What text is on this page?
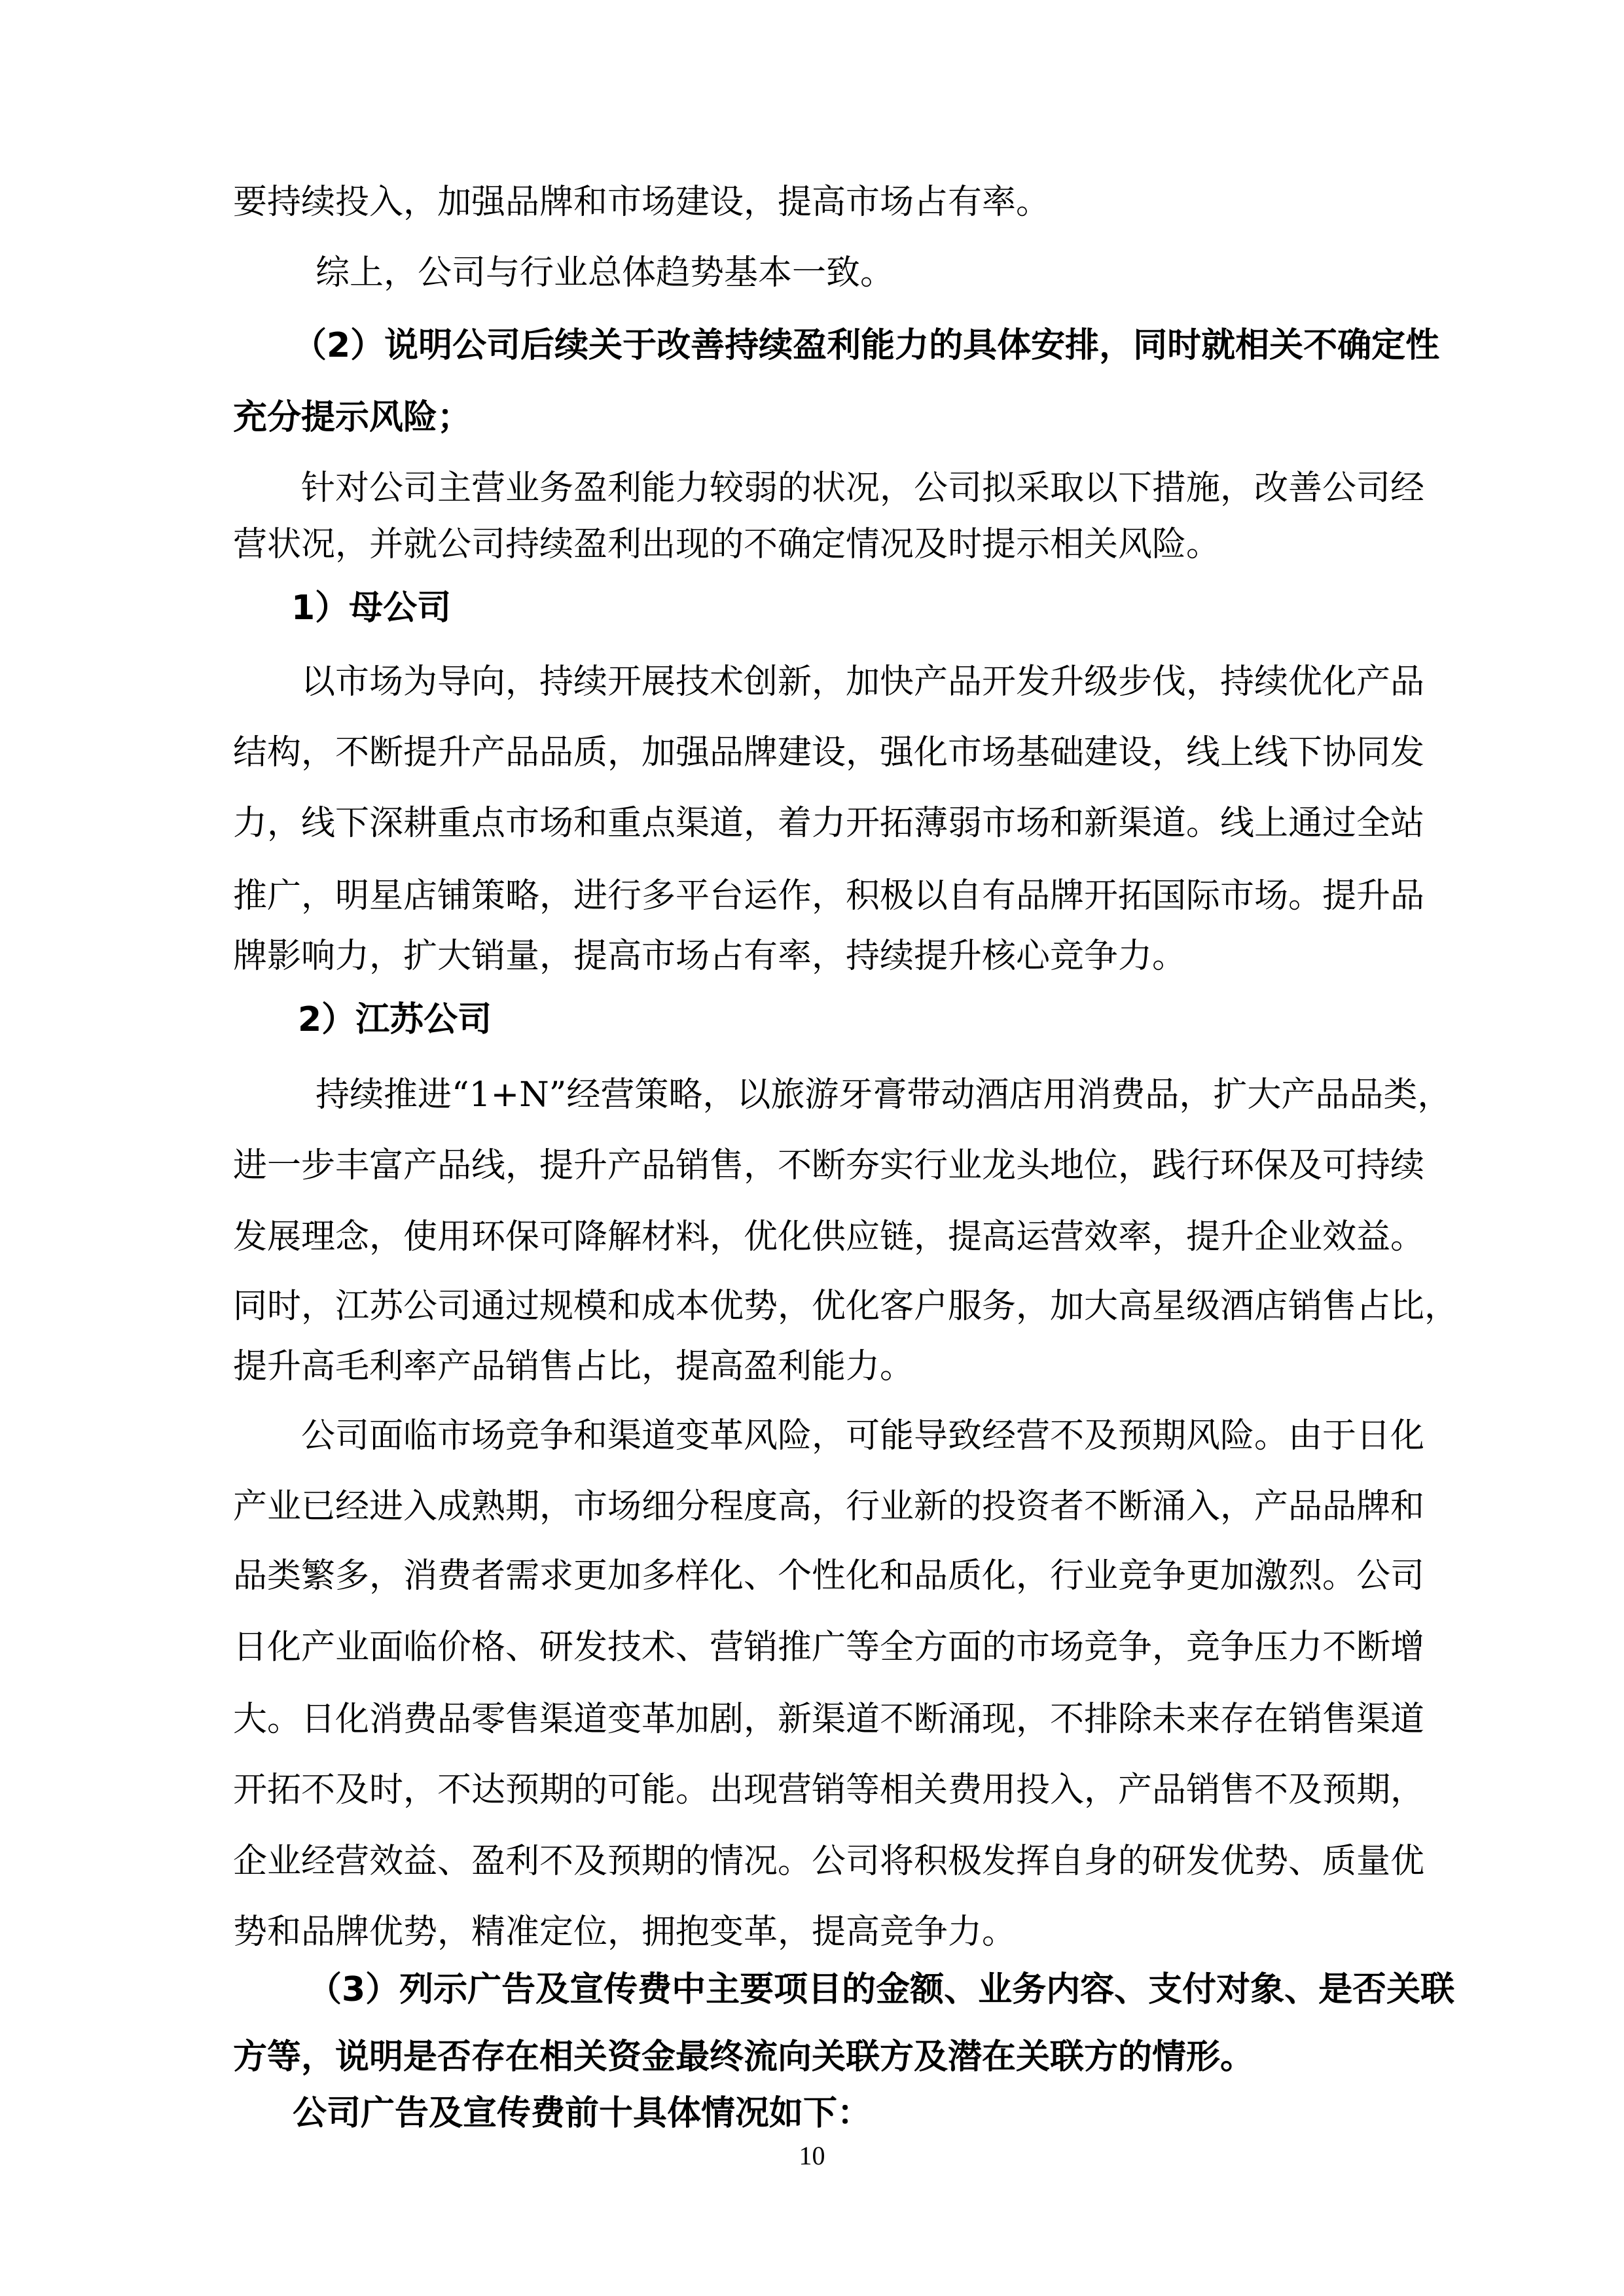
要持续投入，加强品牌和市场建设，提高市场占有率。
综上，公司与行业总体趋势基本一致。
（2）说明公司后续关于改善持续盈利能力的具体安排，同时就相关不确定性
充分提示风险；
针对公司主营业务盈利能力较弱的状况，公司拟采取以下措施，改善公司经
营状况，并就公司持续盈利出现的不确定情况及时提示相关风险。
1）母公司
以市场为导向，持续开展技术创新，加快产品开发升级步伐，持续优化产品
结构，不断提升产品品质，加强品牌建设，强化市场基础建设，线上线下协同发
力，线下深耕重点市场和重点渠道，着力开拓薄弱市场和新渠道。线上通过全站
推广，明星店铺策略，进行多平台运作，积极以自有品牌开拓国际市场。提升品
牌影响力，扩大销量，提高市场占有率，持续提升核心竞争力。
2）江苏公司
持续推进“1+N”经营策略，以旅游牙膏带动酒店用消费品，扩大产品品类，
进一步丰富产品线，提升产品销售，不断夯实行业龙头地位，践行环保及可持续
发展理念，使用环保可降解材料，优化供应链，提高运营效率，提升企业效益。
同时，江苏公司通过规模和成本优势，优化客户服务，加大高星级酒店销售占比，
提升高毛利率产品销售占比，提高盈利能力。
公司面临市场竞争和渠道变革风险，可能导致经营不及预期风险。由于日化
产业已经进入成熟期，市场细分程度高，行业新的投资者不断涌入，产品品牌和
品类繁多，消费者需求更加多样化、个性化和品质化，行业竞争更加激烈。公司
日化产业面临价格、研发技术、营销推广等全方面的市场竞争，竞争压力不断增
大。日化消费品零售渠道变革加剧，新渠道不断涌现，不排除未来存在销售渠道
开拓不及时，不达预期的可能。出现营销等相关费用投入，产品销售不及预期，
企业经营效益、盈利不及预期的情况。公司将积极发挥自身的研发优势、质量优
势和品牌优势，精准定位，拥抱变革，提高竞争力。
（3）列示广告及宣传费中主要项目的金额、业务内容、支付对象、是否关联
方等，说明是否存在相关资金最终流向关联方及潜在关联方的情形。
公司广告及宣传费前十具体情况如下：
10
